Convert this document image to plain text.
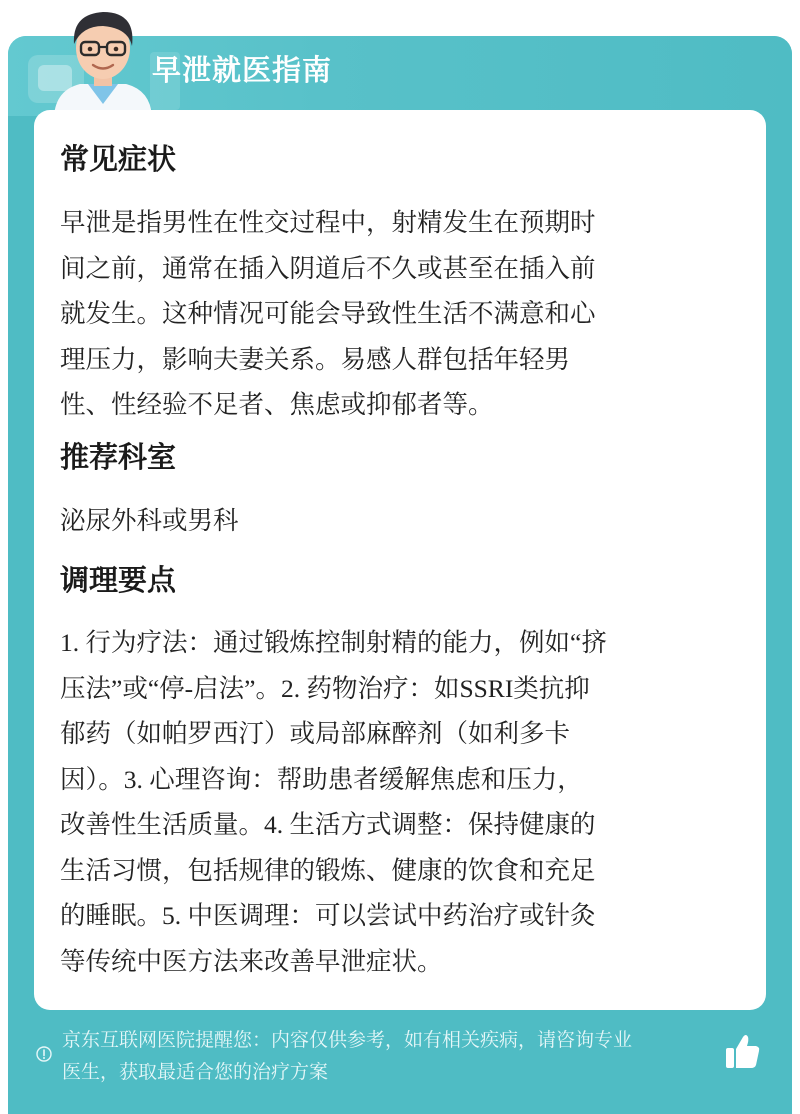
早泄就医指南
常见症状
早泄是指男性在性交过程中，射精发生在预期时
间之前，通常在插入阴道后不久或甚至在插入前
就发生。这种情况可能会导致性生活不满意和心
理压力，影响夫妻关系。易感人群包括年轻男
性、性经验不足者、焦虑或抑郁者等。
推荐科室
泌尿外科或男科
调理要点
1. 行为疗法：通过锻炼控制射精的能力，例如“挤
压法”或“停-启法”。2. 药物治疗：如SSRI类抗抑
郁药（如帕罗西汀）或局部麻醉剂（如利多卡
因）。3. 心理咨询：帮助患者缓解焦虑和压力，
改善性生活质量。4. 生活方式调整：保持健康的
生活习惯，包括规律的锻炼、健康的饮食和充足
的睡眠。5. 中医调理：可以尝试中药治疗或针灸
等传统中医方法来改善早泄症状。
京东互联网医院提醒您：内容仅供参考，如有相关疾病，请咨询专业
医生，获取最适合您的治疗方案
